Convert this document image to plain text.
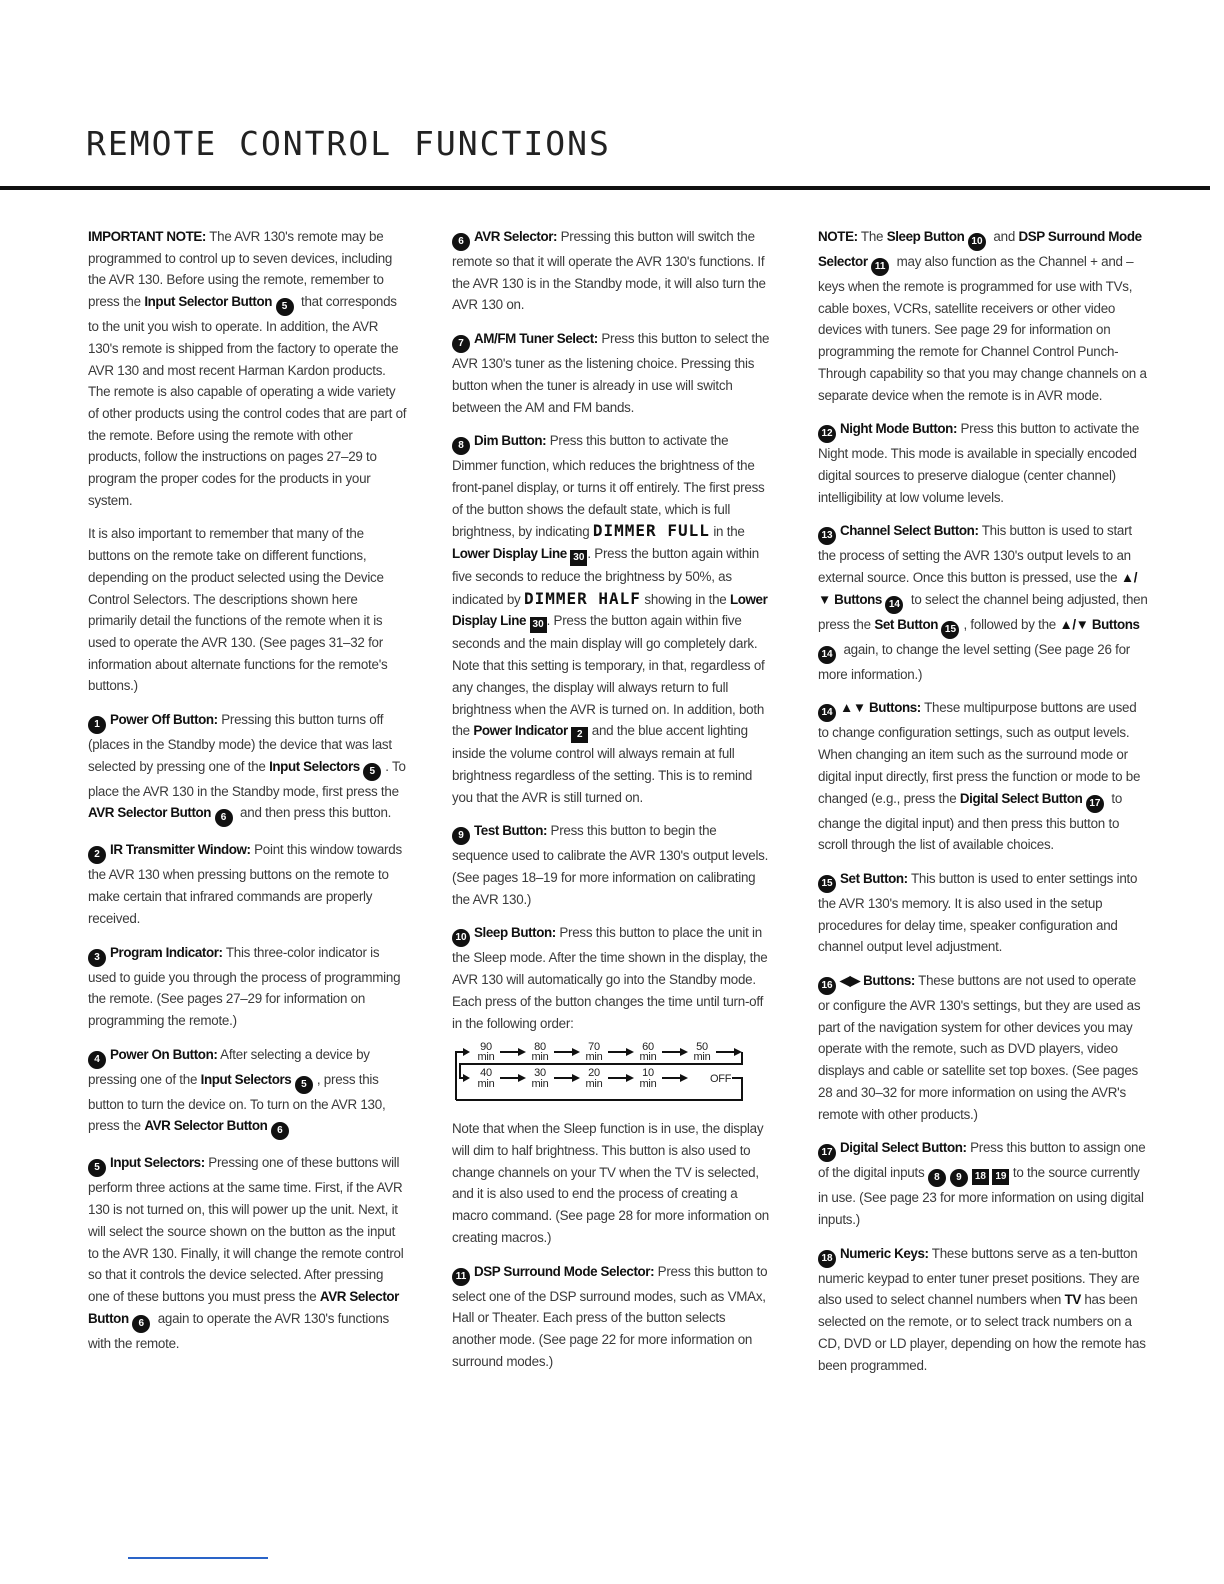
REMOTE CONTROL FUNCTIONS

IMPORTANT NOTE: The AVR 130's remote may be programmed to control up to seven devices, including the AVR 130. Before using the remote, remember to press the Input Selector Button 5 that corresponds to the unit you wish to operate. In addition, the AVR 130's remote is shipped from the factory to operate the AVR 130 and most recent Harman Kardon products. The remote is also capable of operating a wide variety of other products using the control codes that are part of the remote. Before using the remote with other products, follow the instructions on pages 27–29 to program the proper codes for the products in your system.

It is also important to remember that many of the buttons on the remote take on different functions, depending on the product selected using the Device Control Selectors. The descriptions shown here primarily detail the functions of the remote when it is used to operate the AVR 130. (See pages 31–32 for information about alternate functions for the remote's buttons.)

1 Power Off Button: Pressing this button turns off (places in the Standby mode) the device that was last selected by pressing one of the Input Selectors 5 . To place the AVR 130 in the Standby mode, first press the AVR Selector Button 6 and then press this button.

2 IR Transmitter Window: Point this window towards the AVR 130 when pressing buttons on the remote to make certain that infrared commands are properly received.

3 Program Indicator: This three-color indicator is used to guide you through the process of programming the remote. (See pages 27–29 for information on programming the remote.)

4 Power On Button: After selecting a device by pressing one of the Input Selectors 5 , press this button to turn the device on. To turn on the AVR 130, press the AVR Selector Button 6

5 Input Selectors: Pressing one of these buttons will perform three actions at the same time. First, if the AVR 130 is not turned on, this will power up the unit. Next, it will select the source shown on the button as the input to the AVR 130. Finally, it will change the remote control so that it controls the device selected. After pressing one of these buttons you must press the AVR Selector Button 6 again to operate the AVR 130's functions with the remote.

6 AVR Selector: Pressing this button will switch the remote so that it will operate the AVR 130's functions. If the AVR 130 is in the Standby mode, it will also turn the AVR 130 on.

7 AM/FM Tuner Select: Press this button to select the AVR 130's tuner as the listening choice. Pressing this button when the tuner is already in use will switch between the AM and FM bands.

8 Dim Button: Press this button to activate the Dimmer function, which reduces the brightness of the front-panel display, or turns it off entirely. The first press of the button shows the default state, which is full brightness, by indicating DIMMER FULL in the Lower Display Line 30 . Press the button again within five seconds to reduce the brightness by 50%, as indicated by DIMMER HALF showing in the Lower Display Line 30 . Press the button again within five seconds and the main display will go completely dark. Note that this setting is temporary, in that, regardless of any changes, the display will always return to full brightness when the AVR is turned on. In addition, both the Power Indicator 2 and the blue accent lighting inside the volume control will always remain at full brightness regardless of the setting. This is to remind you that the AVR is still turned on.

9 Test Button: Press this button to begin the sequence used to calibrate the AVR 130's output levels. (See pages 18–19 for more information on calibrating the AVR 130.)

10 Sleep Button: Press this button to place the unit in the Sleep mode. After the time shown in the display, the AVR 130 will automatically go into the Standby mode. Each press of the button changes the time until turn-off in the following order:

90
min
80
min
70
min
60
min
50
min
40
min
30
min
20
min
10
min	OFF

Note that when the Sleep function is in use, the display will dim to half brightness. This button is also used to change channels on your TV when the TV is selected, and it is also used to end the process of creating a macro command. (See page 28 for more information on creating macros.)

11 DSP Surround Mode Selector: Press this button to select one of the DSP surround modes, such as VMAx, Hall or Theater. Each press of the button selects another mode. (See page 22 for more information on surround modes.)

NOTE: The Sleep Button 10 and DSP Surround Mode Selector 11 may also function as the Channel + and – keys when the remote is programmed for use with TVs, cable boxes, VCRs, satellite receivers or other video devices with tuners. See page 29 for information on programming the remote for Channel Control Punch-Through capability so that you may change channels on a separate device when the remote is in AVR mode.

12 Night Mode Button: Press this button to activate the Night mode. This mode is available in specially encoded digital sources to preserve dialogue (center channel) intelligibility at low volume levels.

13 Channel Select Button: This button is used to start the process of setting the AVR 130's output levels to an external source. Once this button is pressed, use the ▲/▼ Buttons 14 to select the channel being adjusted, then press the Set Button 15 , followed by the ▲/▼ Buttons 14 again, to change the level setting (See page 26 for more information.)

14 ▲▼ Buttons: These multipurpose buttons are used to change configuration settings, such as output levels. When changing an item such as the surround mode or digital input directly, first press the function or mode to be changed (e.g., press the Digital Select Button 17 to change the digital input) and then press this button to scroll through the list of available choices.

15 Set Button: This button is used to enter settings into the AVR 130's memory. It is also used in the setup procedures for delay time, speaker configuration and channel output level adjustment.

16 ◀▶ Buttons: These buttons are not used to operate or configure the AVR 130's settings, but they are used as part of the navigation system for other devices you may operate with the remote, such as DVD players, video displays and cable or satellite set top boxes. (See pages 28 and 30–32 for more information on using the AVR's remote with other products.)

17 Digital Select Button: Press this button to assign one of the digital inputs 8 9 18 19 to the source currently in use. (See page 23 for more information on using digital inputs.)

18 Numeric Keys: These buttons serve as a ten-button numeric keypad to enter tuner preset positions. They are also used to select channel numbers when TV has been selected on the remote, or to select track numbers on a CD, DVD or LD player, depending on how the remote has been programmed.
